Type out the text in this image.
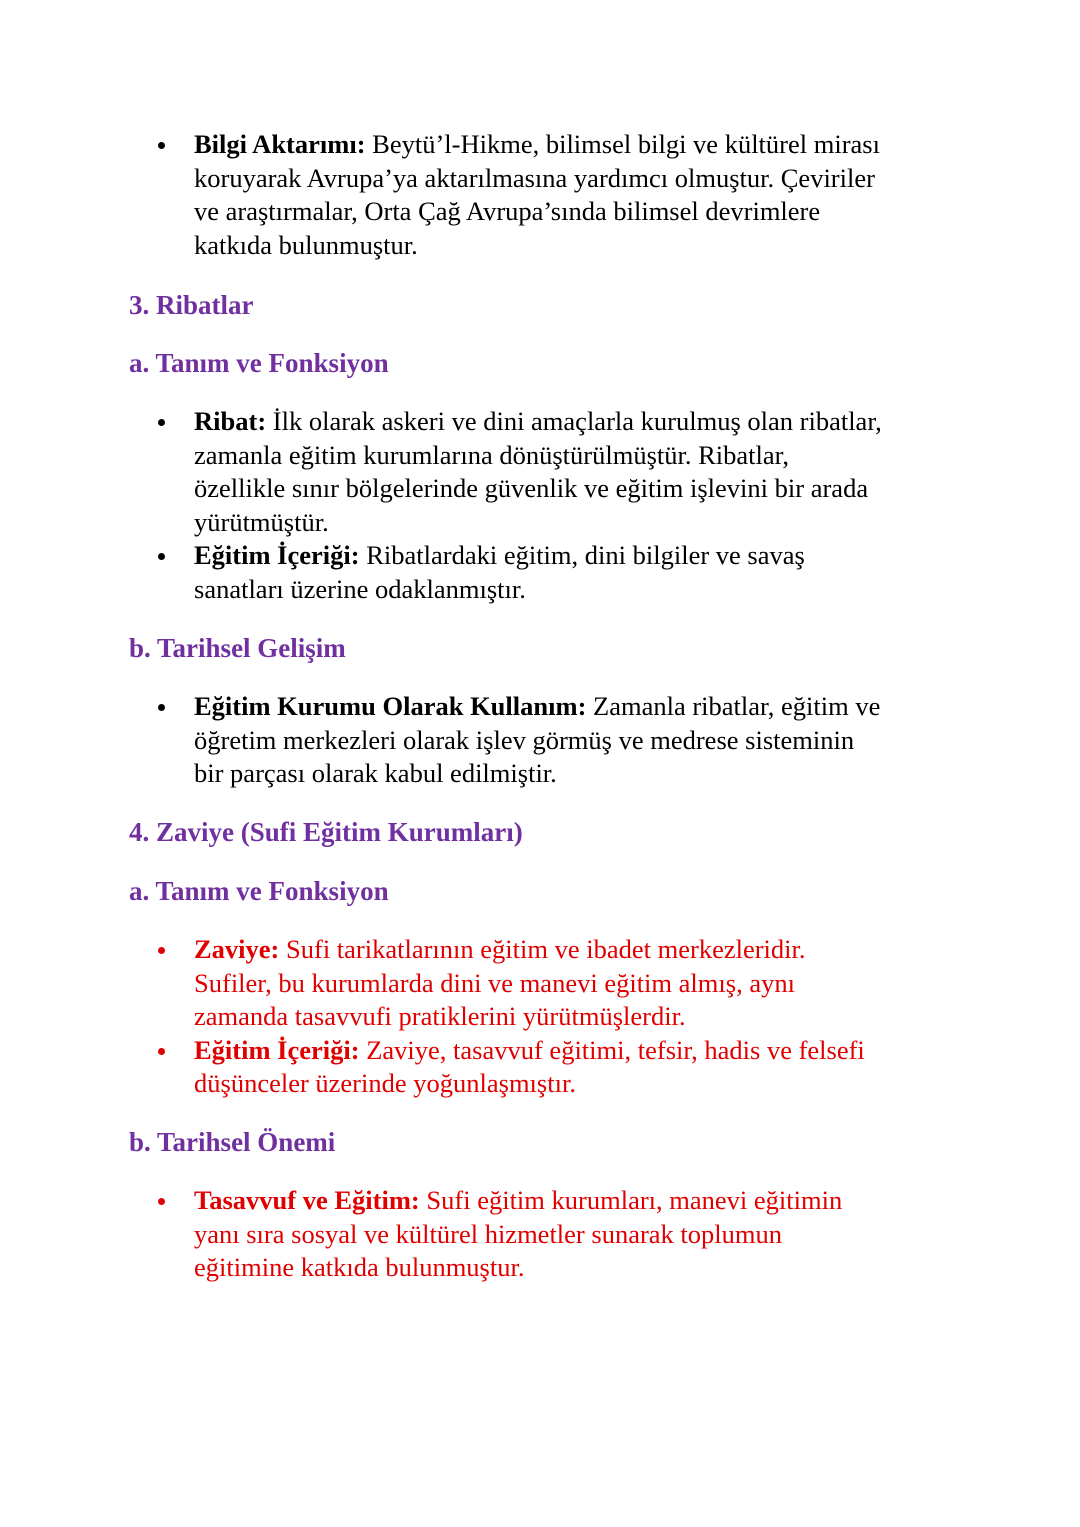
Bilgi Aktarımı: Beytü’l-Hikme, bilimsel bilgi ve kültürel mirası
koruyarak Avrupa’ya aktarılmasına yardımcı olmuştur. Çeviriler
ve araştırmalar, Orta Çağ Avrupa’sında bilimsel devrimlere
katkıda bulunmuştur.
3. Ribatlar
a. Tanım ve Fonksiyon
Ribat: İlk olarak askeri ve dini amaçlarla kurulmuş olan ribatlar,
zamanla eğitim kurumlarına dönüştürülmüştür. Ribatlar,
özellikle sınır bölgelerinde güvenlik ve eğitim işlevini bir arada
yürütmüştür.
Eğitim İçeriği: Ribatlardaki eğitim, dini bilgiler ve savaş
sanatları üzerine odaklanmıştır.
b. Tarihsel Gelişim
Eğitim Kurumu Olarak Kullanım: Zamanla ribatlar, eğitim ve
öğretim merkezleri olarak işlev görmüş ve medrese sisteminin
bir parçası olarak kabul edilmiştir.
4. Zaviye (Sufi Eğitim Kurumları)
a. Tanım ve Fonksiyon
Zaviye: Sufi tarikatlarının eğitim ve ibadet merkezleridir.
Sufiler, bu kurumlarda dini ve manevi eğitim almış, aynı
zamanda tasavvufi pratiklerini yürütmüşlerdir.
Eğitim İçeriği: Zaviye, tasavvuf eğitimi, tefsir, hadis ve felsefi
düşünceler üzerinde yoğunlaşmıştır.
b. Tarihsel Önemi
Tasavvuf ve Eğitim: Sufi eğitim kurumları, manevi eğitimin
yanı sıra sosyal ve kültürel hizmetler sunarak toplumun
eğitimine katkıda bulunmuştur.
